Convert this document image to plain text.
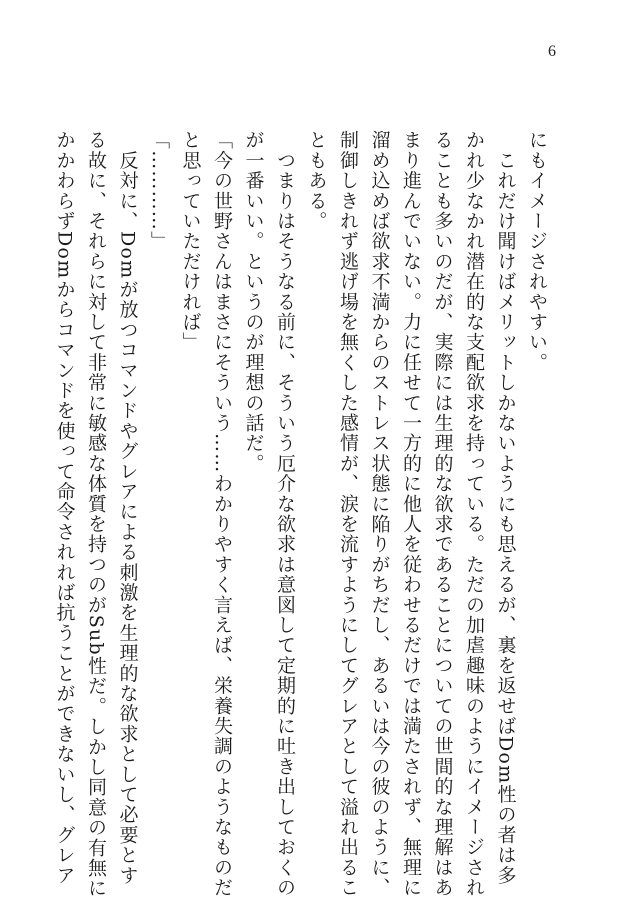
6
にもイメージされやすい。
　これだけ聞けばメリットしかないようにも思えるが、裏を返せばDom性の者は多
かれ少なかれ潜在的な支配欲求を持っている。ただの加虐趣味のようにイメージされ
ることも多いのだが、実際には生理的な欲求であることについての世間的な理解はあ
まり進んでいない。力に任せて一方的に他人を従わせるだけでは満たされず、無理に
溜め込めば欲求不満からのストレス状態に陥りがちだし、あるいは今の彼のように、
制御しきれず逃げ場を無くした感情が、涙を流すようにしてグレアとして溢れ出るこ
ともある。
　つまりはそうなる前に、そういう厄介な欲求は意図して定期的に吐き出しておくの
が一番いい。というのが理想の話だ。
「今の世野さんはまさにそういう……わかりやすく言えば、栄養失調のようなものだ
と思っていただければ」
「…………」
　反対に、Domが放つコマンドやグレアによる刺激を生理的な欲求として必要とす
る故に、それらに対して非常に敏感な体質を持つのがSub性だ。しかし同意の有無に
かかわらずDomからコマンドを使って命令されれば抗うことができないし、グレア
